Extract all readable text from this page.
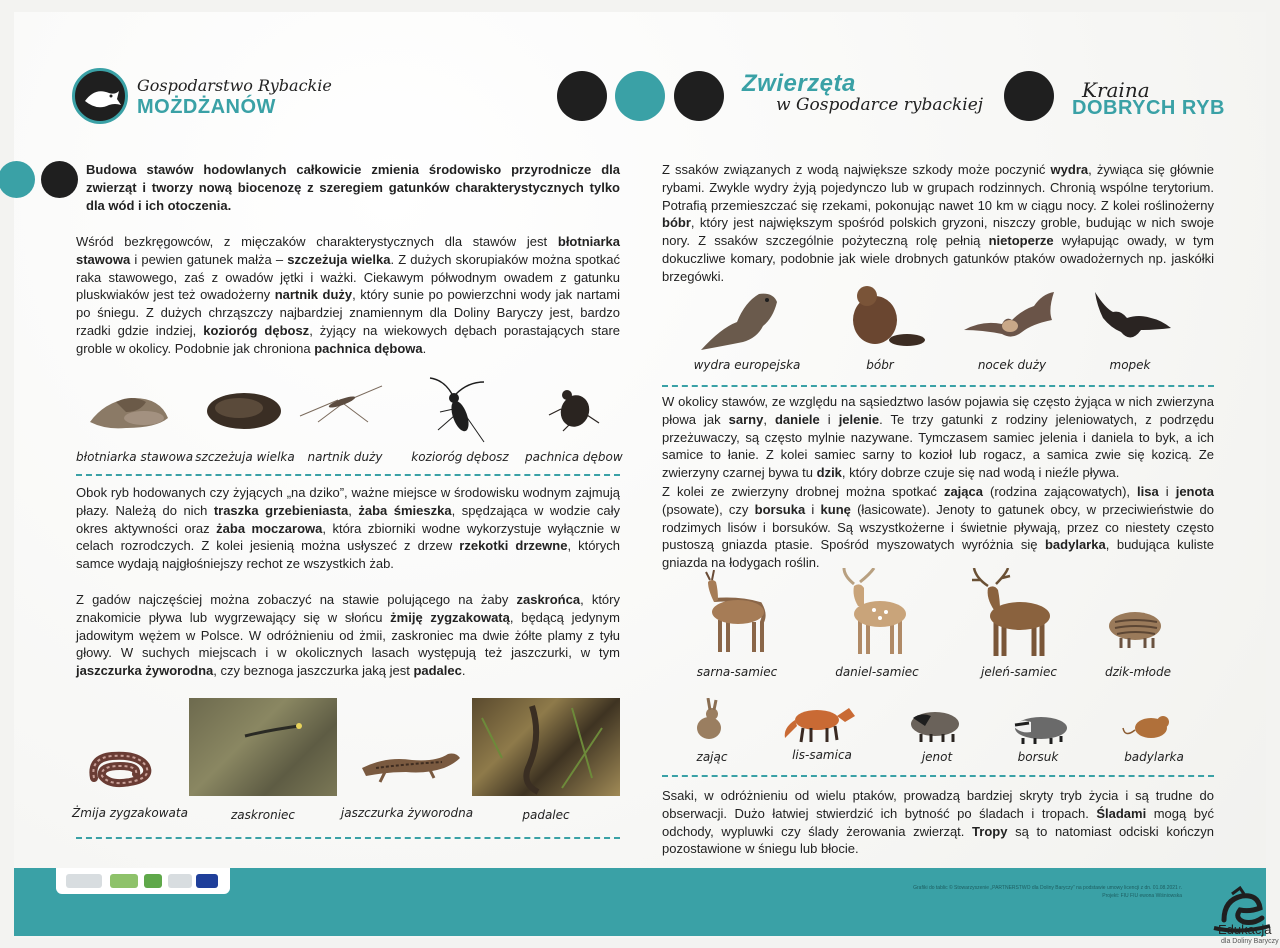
Gospodarstwo Rybackie
MOŻDŻANÓW
Zwierzęta
w Gospodarce rybackiej
Kraina
DOBRYCH RYB
Budowa stawów hodowlanych całkowicie zmienia środowisko przyrodnicze dla zwierząt i tworzy nową biocenozę z szeregiem gatunków charakterystycznych tylko dla wód i ich otoczenia.
Wśród bezkręgowców, z mięczaków charakterystycznych dla stawów jest błotniarka stawowa i pewien gatunek małża – szczeżuja wielka. Z dużych skorupiaków można spotkać raka stawowego, zaś z owadów jętki i ważki. Ciekawym półwodnym owadem z gatunku pluskwiaków jest też owadożerny nartnik duży, który sunie po powierzchni wody jak nartami po śniegu. Z dużych chrząszczy najbardziej znamiennym dla Doliny Baryczy jest, bardzo rzadki gdzie indziej, kozioróg dębosz, żyjący na wiekowych dębach porastających stare groble w okolicy. Podobnie jak chroniona pachnica dębowa.
błotniarka stawowa szczeżuja wielka	nartnik duży	kozioróg dębosz pachnica dębow
Obok ryb hodowanych czy żyjących „na dziko”, ważne miejsce w środowisku wodnym zajmują płazy. Należą do nich traszka grzebieniasta, żaba śmieszka, spędzająca w wodzie cały okres aktywności oraz żaba moczarowa, która zbiorniki wodne wykorzystuje wyłącznie w celach rozrodczych. Z kolei jesienią można usłyszeć z drzew rzekotki drzewne, których samce wydają najgłośniejszy rechot ze wszystkich żab.
Z gadów najczęściej można zobaczyć na stawie polującego na żaby zaskrońca, który znakomicie pływa lub wygrzewający się w słońcu żmiję zygzakowatą, będącą jedynym jadowitym wężem w Polsce. W odróżnieniu od żmii, zaskroniec ma dwie żółte plamy z tyłu głowy. W suchych miejscach i w okolicznych lasach występują też jaszczurki, w tym jaszczurka żyworodna, czy beznoga jaszczurka jaką jest padalec.
Żmija zygzakowata	zaskroniec	jaszczurka żyworodna	padalec
Z ssaków związanych z wodą największe szkody może poczynić wydra, żywiąca się głównie rybami. Zwykle wydry żyją pojedynczo lub w grupach rodzinnych. Chronią wspólne terytorium. Potrafią przemieszczać się rzekami, pokonując nawet 10 km w ciągu nocy. Z kolei roślinożerny bóbr, który jest największym spośród polskich gryzoni, niszczy groble, budując w nich swoje nory. Z ssaków szczególnie pożyteczną rolę pełnią nietoperze wyłapując owady, w tym dokuczliwe komary, podobnie jak wiele drobnych gatunków ptaków owadożernych np. jaskółki brzegówki.
wydra europejska	bóbr	nocek duży	mopek
W okolicy stawów, ze względu na sąsiedztwo lasów pojawia się często żyjąca w nich zwierzyna płowa jak sarny, daniele i jelenie. Te trzy gatunki z rodziny jeleniowatych, z podrzędu przeżuwaczy, są często mylnie nazywane. Tymczasem samiec jelenia i daniela to byk, a ich samice to łanie. Z kolei samiec sarny to kozioł lub rogacz, a samica zwie się kozicą. Ze zwierzyny czarnej bywa tu dzik, który dobrze czuje się nad wodą i nieźle pływa.
Z kolei ze zwierzyny drobnej można spotkać zająca (rodzina zającowatych), lisa i jenota (psowate), czy borsuka i kunę (łasicowate). Jenoty to gatunek obcy, w przeciwieństwie do rodzimych lisów i borsuków. Są wszystkożerne i świetnie pływają, przez co niestety często pustoszą gniazda ptasie. Spośród myszowatych wyróżnia się badylarka, budująca kuliste gniazda na łodygach roślin.
sarna-samiec	daniel-samiec	jeleń-samiec	dzik-młode
zając	lis-samica	jenot	borsuk	badylarka
Ssaki, w odróżnieniu od wielu ptaków, prowadzą bardziej skryty tryb życia i są trudne do obserwacji. Dużo łatwiej stwierdzić ich bytność po śladach i tropach. Śladami mogą być odchody, wypluwki czy ślady żerowania zwierząt. Tropy są to natomiast odciski kończyn pozostawione w śniegu lub błocie.
Grafiki do tablic © Stowarzyszenie „PARTNERSTWO dla Doliny Baryczy” na podstawie umowy licencji z dn. 01.08.2021 r.
Projekt: FIU FIU ewona Wiśniowska
Edukacja
dla Doliny Baryczy
